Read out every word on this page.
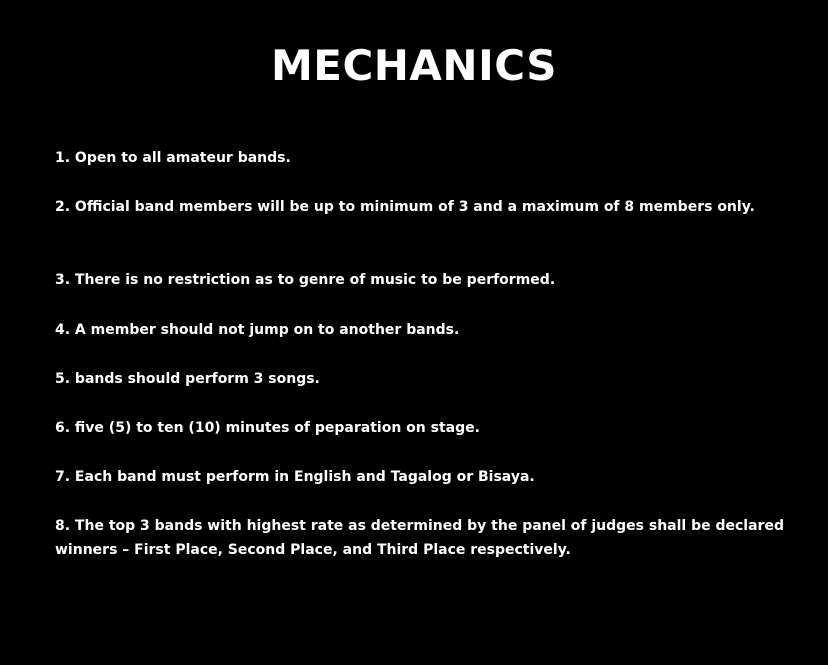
MECHANICS
1. Open to all amateur bands.
2. Official band members will be up to minimum of 3 and a maximum of 8 members only.
3. There is no restriction as to genre of music to be performed.
4. A member should not jump on to another bands.
5. bands should perform 3 songs.
6. five (5) to ten (10) minutes of peparation on stage.
7. Each band must perform in English and Tagalog or Bisaya.
8. The top 3 bands with highest rate as determined by the panel of judges shall be declared winners – First Place, Second Place, and Third Place respectively.
